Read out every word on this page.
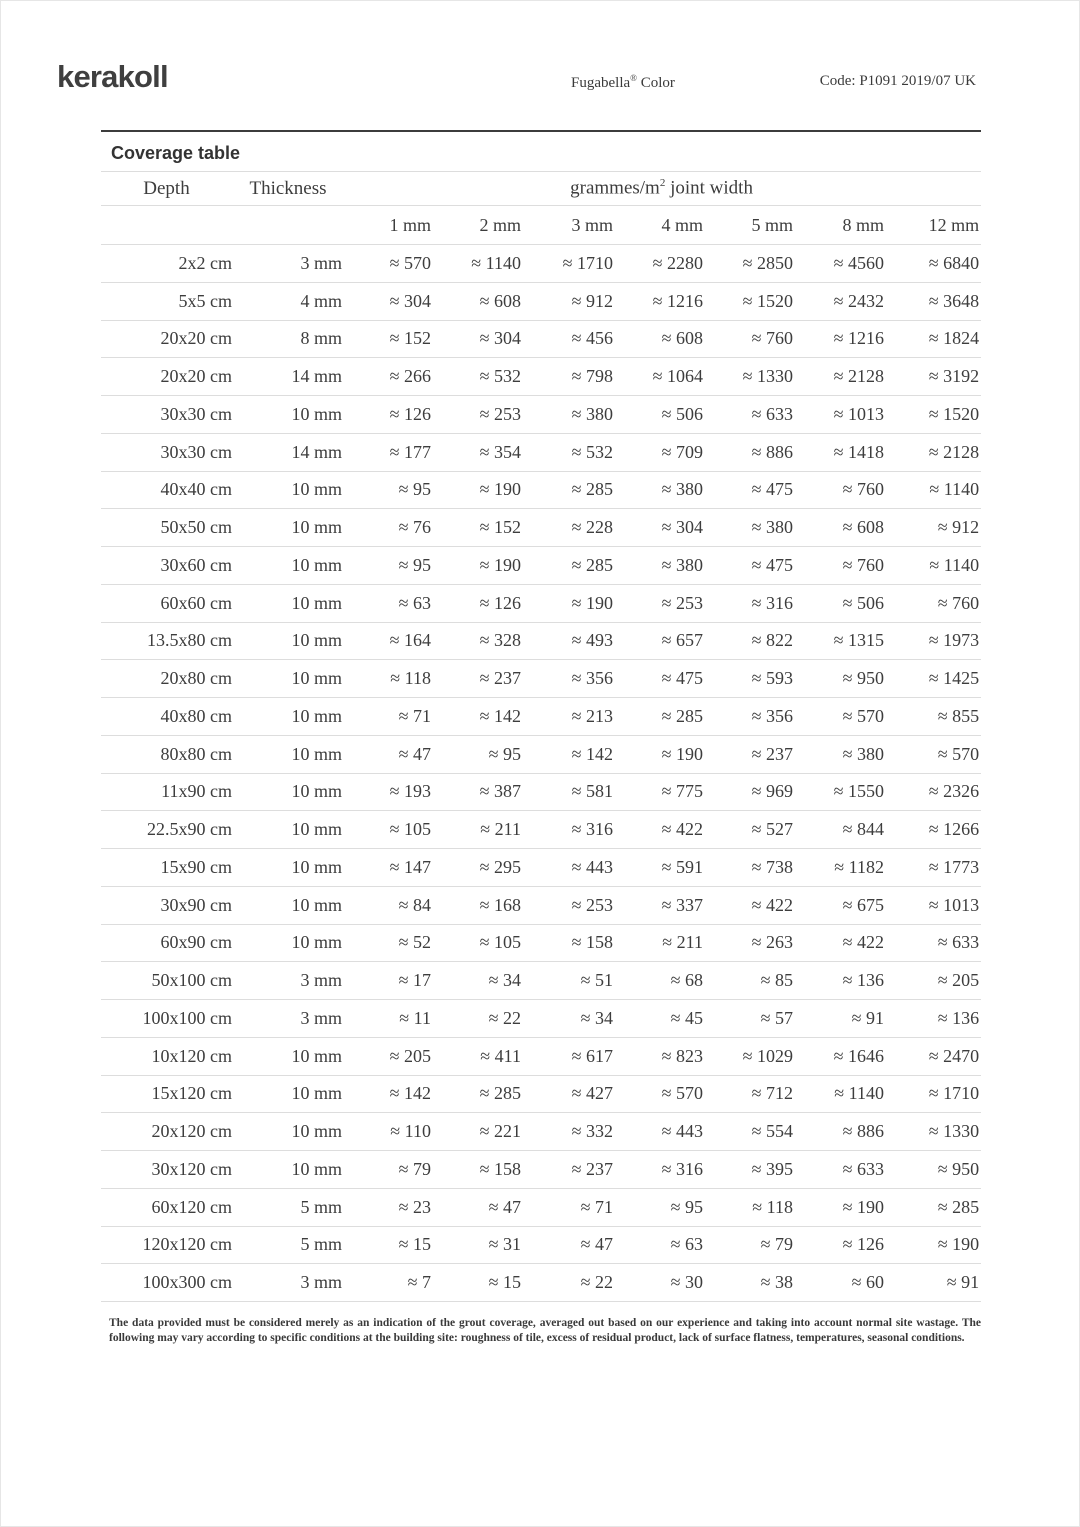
kerakoll	Fugabella® Color	Code: P1091 2019/07 UK
Coverage table
Depth	Thickness	grammes/$m^2$ joint width						
		1 mm	2 mm	3 mm	4 mm	5 mm	8 mm	12 mm
2x2 cm	3 mm	≈ 570	≈ 1140	≈ 1710	≈ 2280	≈ 2850	≈ 4560	≈ 6840
5x5 cm	4 mm	≈ 304	≈ 608	≈ 912	≈ 1216	≈ 1520	≈ 2432	≈ 3648
20x20 cm	8 mm	≈ 152	≈ 304	≈ 456	≈ 608	≈ 760	≈ 1216	≈ 1824
20x20 cm	14 mm	≈ 266	≈ 532	≈ 798	≈ 1064	≈ 1330	≈ 2128	≈ 3192
30x30 cm	10 mm	≈ 126	≈ 253	≈ 380	≈ 506	≈ 633	≈ 1013	≈ 1520
30x30 cm	14 mm	≈ 177	≈ 354	≈ 532	≈ 709	≈ 886	≈ 1418	≈ 2128
40x40 cm	10 mm	≈ 95	≈ 190	≈ 285	≈ 380	≈ 475	≈ 760	≈ 1140
50x50 cm	10 mm	≈ 76	≈ 152	≈ 228	≈ 304	≈ 380	≈ 608	≈ 912
30x60 cm	10 mm	≈ 95	≈ 190	≈ 285	≈ 380	≈ 475	≈ 760	≈ 1140
60x60 cm	10 mm	≈ 63	≈ 126	≈ 190	≈ 253	≈ 316	≈ 506	≈ 760
13.5x80 cm	10 mm	≈ 164	≈ 328	≈ 493	≈ 657	≈ 822	≈ 1315	≈ 1973
20x80 cm	10 mm	≈ 118	≈ 237	≈ 356	≈ 475	≈ 593	≈ 950	≈ 1425
40x80 cm	10 mm	≈ 71	≈ 142	≈ 213	≈ 285	≈ 356	≈ 570	≈ 855
80x80 cm	10 mm	≈ 47	≈ 95	≈ 142	≈ 190	≈ 237	≈ 380	≈ 570
11x90 cm	10 mm	≈ 193	≈ 387	≈ 581	≈ 775	≈ 969	≈ 1550	≈ 2326
22.5x90 cm	10 mm	≈ 105	≈ 211	≈ 316	≈ 422	≈ 527	≈ 844	≈ 1266
15x90 cm	10 mm	≈ 147	≈ 295	≈ 443	≈ 591	≈ 738	≈ 1182	≈ 1773
30x90 cm	10 mm	≈ 84	≈ 168	≈ 253	≈ 337	≈ 422	≈ 675	≈ 1013
60x90 cm	10 mm	≈ 52	≈ 105	≈ 158	≈ 211	≈ 263	≈ 422	≈ 633
50x100 cm	3 mm	≈ 17	≈ 34	≈ 51	≈ 68	≈ 85	≈ 136	≈ 205
100x100 cm	3 mm	≈ 11	≈ 22	≈ 34	≈ 45	≈ 57	≈ 91	≈ 136
10x120 cm	10 mm	≈ 205	≈ 411	≈ 617	≈ 823	≈ 1029	≈ 1646	≈ 2470
15x120 cm	10 mm	≈ 142	≈ 285	≈ 427	≈ 570	≈ 712	≈ 1140	≈ 1710
20x120 cm	10 mm	≈ 110	≈ 221	≈ 332	≈ 443	≈ 554	≈ 886	≈ 1330
30x120 cm	10 mm	≈ 79	≈ 158	≈ 237	≈ 316	≈ 395	≈ 633	≈ 950
60x120 cm	5 mm	≈ 23	≈ 47	≈ 71	≈ 95	≈ 118	≈ 190	≈ 285
120x120 cm	5 mm	≈ 15	≈ 31	≈ 47	≈ 63	≈ 79	≈ 126	≈ 190
100x300 cm	3 mm	≈ 7	≈ 15	≈ 22	≈ 30	≈ 38	≈ 60	≈ 91

The data provided must be considered merely as an indication of the grout coverage, averaged out based on our experience and taking into account normal site wastage. The following may vary according to specific conditions at the building site: roughness of tile, excess of residual product, lack of surface flatness, temperatures, seasonal conditions.
